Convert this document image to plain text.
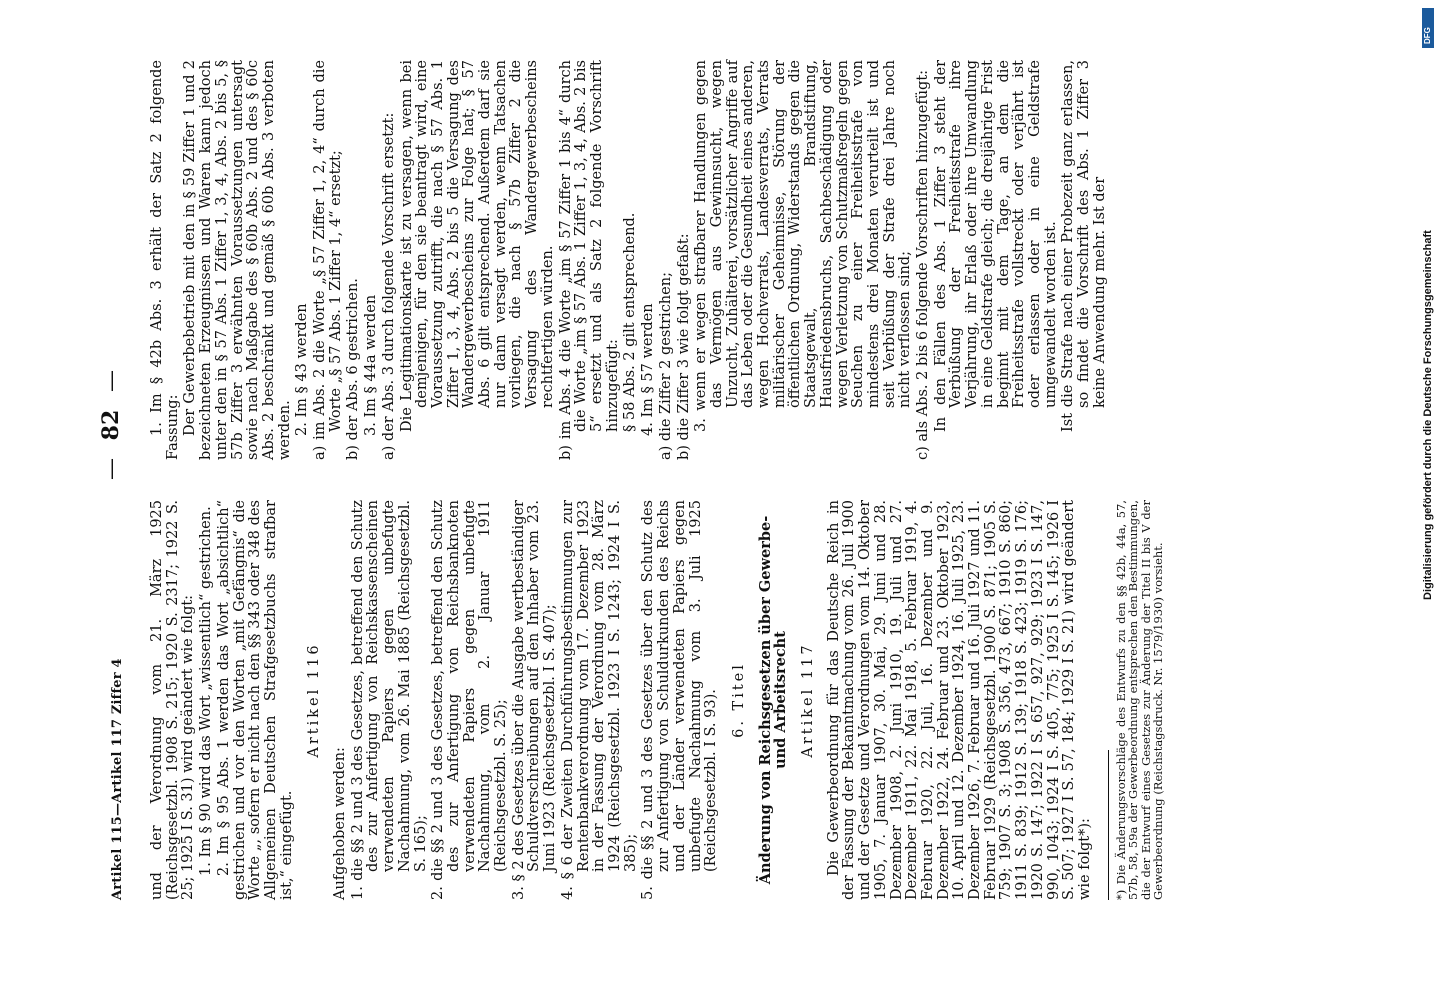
Artikel 115—Artikel 117 Ziffer 4
— 82 —
und der Verordnung vom 21. März 1925 (Reichsgesetzbl. 1908 S. 215; 1920 S. 2317; 1922 S. 25; 1925 I S. 31) wird geändert wie folgt: 1. Im § 90 wird das Wort „wissentlich“ gestrichen. 2. Im § 95 Abs. 1 werden das Wort „absichtlich“ gestrichen und vor den Worten „mit Gefängnis“ die Worte „, sofern er nicht nach den §§ 343 oder 348 des Allgemeinen Deutschen Strafgesetzbuchs strafbar ist,“ eingefügt.
Artikel 116
Aufgehoben werden: 1. die §§ 2 und 3 des Gesetzes, betreffend den Schutz des zur Anfertigung von Reichskassenscheinen verwendeten Papiers gegen unbefugte Nachahmung, vom 26. Mai 1885 (Reichsgesetzbl. S. 165); 2. die §§ 2 und 3 des Gesetzes, betreffend den Schutz des zur Anfertigung von Reichsbanknoten verwendeten Papiers gegen unbefugte Nachahmung, vom 2. Januar 1911 (Reichsgesetzbl. S. 25); 3. § 2 des Gesetzes über die Ausgabe wertbeständiger Schuldverschreibungen auf den Inhaber vom 23. Juni 1923 (Reichsgesetzbl. I S. 407); 4. § 6 der Zweiten Durchführungsbestimmungen zur Rentenbankverordnung vom 17. Dezember 1923 in der Fassung der Verordnung vom 28. März 1924 (Reichsgesetzbl. 1923 I S. 1243; 1924 I S. 385); 5. die §§ 2 und 3 des Gesetzes über den Schutz des zur Anfertigung von Schuldurkunden des Reichs und der Länder verwendeten Papiers gegen unbefugte Nachahmung vom 3. Juli 1925 (Reichsgesetzbl. I S. 93). 6. Titel Änderung von Reichsgesetzen über Gewerbe- und Arbeitsrecht Artikel 117 Die Gewerbeordnung für das Deutsche Reich in der Fassung der Bekanntmachung vom 26. Juli 1900 und der Gesetze und Verordnungen vom 14. Oktober 1905, 7. Januar 1907, 30. Mai, 29. Juni und 28. Dezember 1908, 2. Juni 1910, 19. Juli und 27. Dezember 1911, 22. Mai 1918, 5. Februar 1919, 4. Februar 1920, 22. Juli, 16. Dezember und 9. Dezember 1922, 24. Februar und 23. Oktober 1923, 10. April und 12. Dezember 1924, 16. Juli 1925, 23. Dezember 1926, 7. Februar und 16. Juli 1927 und 11. Februar 1929 (Reichsgesetzbl. 1900 S. 871; 1905 S. 759; 1907 S. 3; 1908 S. 356, 473, 667; 1910 S. 860; 1911 S. 839; 1912 S. 139; 1918 S. 423; 1919 S. 176; 1920 S. 147; 1922 I S. 657, 927, 929; 1923 I S. 147, 990, 1043; 1924 I S. 405, 775; 1925 I S. 145; 1926 I S. 507; 1927 I S. 57, 184; 1929 I S. 21) wird geändert wie folgt*): *) Die Änderungsvorschläge des Entwurfs zu den §§ 42b, 44a, 57, 57b, 58, 59a der Gewerbeordnung entsprechen den Bestimmungen, die der Entwurf eines Gesetzes zur Änderung der Titel II bis V der Gewerbeordnung (Reichstagsdruck. Nr. 1579/1930) vorsieht.
1. Im § 42b Abs. 3 erhält der Satz 2 folgende Fassung: Der Gewerbebetrieb mit den in § 59 Ziffer 1 und 2 bezeichneten Erzeugnissen und Waren kann jedoch unter den in § 57 Abs. 1 Ziffer 1, 3, 4, Abs. 2 bis 5, § 57b Ziffer 3 erwähnten Voraussetzungen untersagt sowie nach Maßgabe des § 60b Abs. 2 und des § 60c Abs. 2 beschränkt und gemäß § 60b Abs. 3 verboten werden. 2. Im § 43 werden a) im Abs. 2 die Worte „§ 57 Ziffer 1, 2, 4“ durch die Worte „§ 57 Abs. 1 Ziffer 1, 4“ ersetzt; b) der Abs. 6 gestrichen. 3. Im § 44a werden a) der Abs. 3 durch folgende Vorschrift ersetzt: Die Legitimationskarte ist zu versagen, wenn bei demjenigen, für den sie beantragt wird, eine Voraussetzung zutrifft, die nach § 57 Abs. 1 Ziffer 1, 3, 4, Abs. 2 bis 5 die Versagung des Wandergewerbescheins zur Folge hat; § 57 Abs. 6 gilt entsprechend. Außerdem darf sie nur dann versagt werden, wenn Tatsachen vorliegen, die nach § 57b Ziffer 2 die Versagung des Wandergewerbescheins rechtfertigen würden. b) im Abs. 4 die Worte „im § 57 Ziffer 1 bis 4“ durch die Worte „im § 57 Abs. 1 Ziffer 1, 3, 4, Abs. 2 bis 5“ ersetzt und als Satz 2 folgende Vorschrift hinzugefügt: § 58 Abs. 2 gilt entsprechend. 4. Im § 57 werden a) die Ziffer 2 gestrichen; b) die Ziffer 3 wie folgt gefaßt: 3. wenn er wegen strafbarer Handlungen gegen das Vermögen aus Gewinnsucht, wegen Unzucht, Zuhälterei, vorsätzlicher Angriffe auf das Leben oder die Gesundheit eines anderen, wegen Hochverrats, Landesverrats, Verrats militärischer Geheimnisse, Störung der öffentlichen Ordnung, Widerstands gegen die Staatsgewalt, Brandstiftung, Hausfriedensbruchs, Sachbeschädigung oder wegen Verletzung von Schutzmaßregeln gegen Seuchen zu einer Freiheitsstrafe von mindestens drei Monaten verurteilt ist und seit Verbüßung der Strafe drei Jahre noch nicht verflossen sind; c) als Abs. 2 bis 6 folgende Vorschriften hinzugefügt: In den Fällen des Abs. 1 Ziffer 3 steht der Verbüßung der Freiheitsstrafe ihre Verjährung, ihr Erlaß oder ihre Umwandlung in eine Geldstrafe gleich; die dreijährige Frist beginnt mit dem Tage, an dem die Freiheitsstrafe vollstreckt oder verjährt ist oder erlassen oder in eine Geldstrafe umgewandelt worden ist. Ist die Strafe nach einer Probezeit ganz erlassen, so findet die Vorschrift des Abs. 1 Ziffer 3 keine Anwendung mehr. Ist der
DFG
Digitalisierung gefördert durch die Deutsche Forschungsgemeinschaft
